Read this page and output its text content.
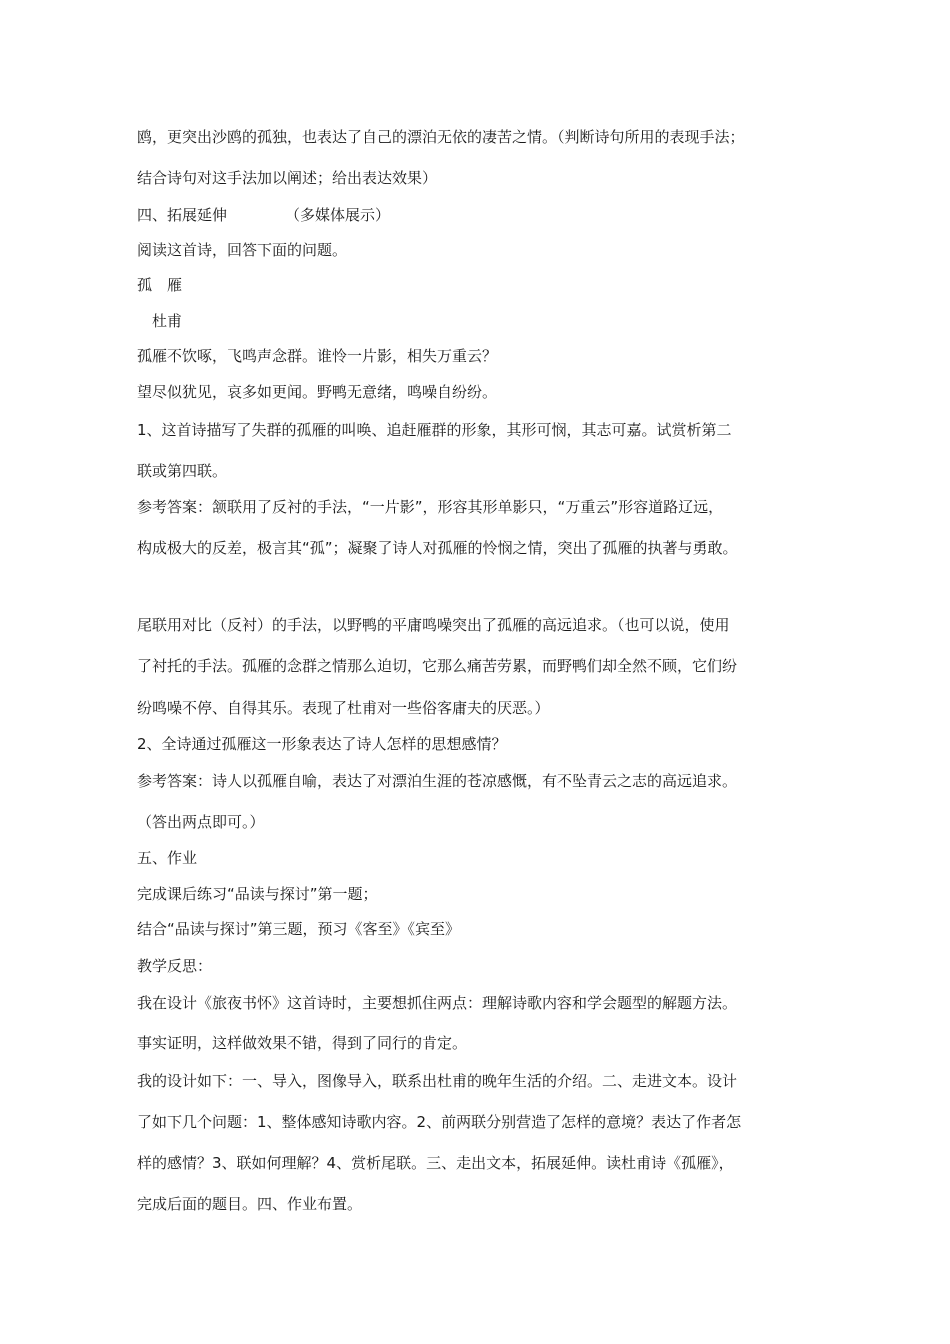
鸥，更突出沙鸥的孤独，也表达了自己的漂泊无依的凄苦之情。（判断诗句所用的表现手法；

结合诗句对这手法加以阐述；给出表达效果）

四、拓展延伸	（多媒体展示）

阅读这首诗，回答下面的问题。

孤　雁

　杜甫

孤雁不饮啄，飞鸣声念群。谁怜一片影，相失万重云？

望尽似犹见，哀多如更闻。野鸭无意绪，鸣噪自纷纷。

1、这首诗描写了失群的孤雁的叫唤、追赶雁群的形象，其形可悯，其志可嘉。试赏析第二

联或第四联。

参考答案：颔联用了反衬的手法，“一片影”，形容其形单影只，“万重云”形容道路辽远，

构成极大的反差，极言其“孤”；凝聚了诗人对孤雁的怜悯之情，突出了孤雁的执著与勇敢。

尾联用对比（反衬）的手法，以野鸭的平庸鸣噪突出了孤雁的高远追求。（也可以说，使用

了衬托的手法。孤雁的念群之情那么迫切，它那么痛苦劳累，而野鸭们却全然不顾，它们纷

纷鸣噪不停、自得其乐。表现了杜甫对一些俗客庸夫的厌恶。）

2、全诗通过孤雁这一形象表达了诗人怎样的思想感情？

参考答案：诗人以孤雁自喻，表达了对漂泊生涯的苍凉感慨，有不坠青云之志的高远追求。

（答出两点即可。）

五、作业

完成课后练习“品读与探讨”第一题；

结合“品读与探讨”第三题，预习《客至》《宾至》

教学反思：

我在设计《旅夜书怀》这首诗时，主要想抓住两点：理解诗歌内容和学会题型的解题方法。

事实证明，这样做效果不错，得到了同行的肯定。

我的设计如下：一、导入，图像导入，联系出杜甫的晚年生活的介绍。二、走进文本。设计

了如下几个问题：1、整体感知诗歌内容。2、前两联分别营造了怎样的意境？表达了作者怎

样的感情？3、联如何理解？4、赏析尾联。三、走出文本，拓展延伸。读杜甫诗《孤雁》，

完成后面的题目。四、作业布置。
